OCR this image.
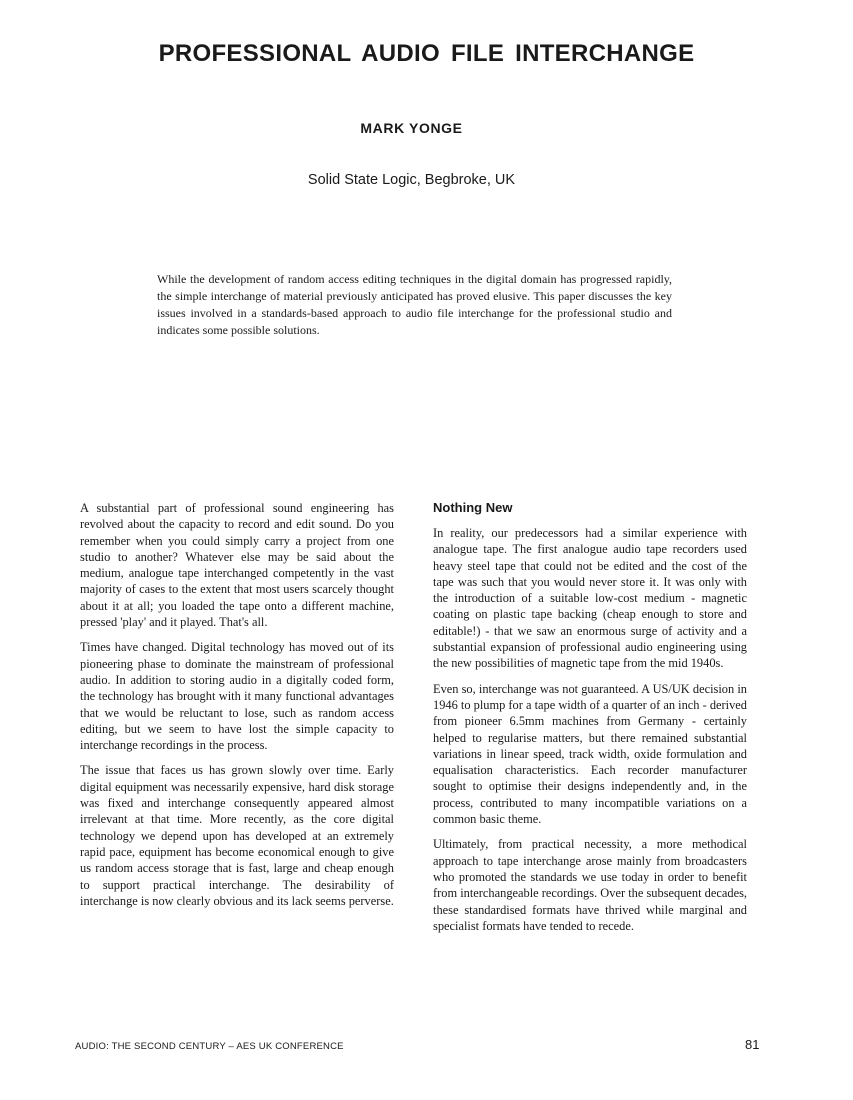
PROFESSIONAL AUDIO FILE INTERCHANGE
MARK YONGE
Solid State Logic, Begbroke, UK

While the development of random access editing techniques in the digital domain has progressed rapidly, the simple interchange of material previously anticipated has proved elusive. This paper discusses the key issues involved in a standards-based approach to audio file interchange for the professional studio and indicates some possible solutions.

A substantial part of professional sound engineering has revolved about the capacity to record and edit sound. Do you remember when you could simply carry a project from one studio to another? Whatever else may be said about the medium, analogue tape interchanged competently in the vast majority of cases to the extent that most users scarcely thought about it at all; you loaded the tape onto a different machine, pressed 'play' and it played. That's all.

Times have changed. Digital technology has moved out of its pioneering phase to dominate the mainstream of professional audio. In addition to storing audio in a digitally coded form, the technology has brought with it many functional advantages that we would be reluctant to lose, such as random access editing, but we seem to have lost the simple capacity to interchange recordings in the process.

The issue that faces us has grown slowly over time. Early digital equipment was necessarily expensive, hard disk storage was fixed and interchange consequently appeared almost irrelevant at that time. More recently, as the core digital technology we depend upon has developed at an extremely rapid pace, equipment has become economical enough to give us random access storage that is fast, large and cheap enough to support practical interchange. The desirability of interchange is now clearly obvious and its lack seems perverse.

Nothing New

In reality, our predecessors had a similar experience with analogue tape. The first analogue audio tape recorders used heavy steel tape that could not be edited and the cost of the tape was such that you would never store it. It was only with the introduction of a suitable low-cost medium - magnetic coating on plastic tape backing (cheap enough to store and editable!) - that we saw an enormous surge of activity and a substantial expansion of professional audio engineering using the new possibilities of magnetic tape from the mid 1940s.

Even so, interchange was not guaranteed. A US/UK decision in 1946 to plump for a tape width of a quarter of an inch - derived from pioneer 6.5mm machines from Germany - certainly helped to regularise matters, but there remained substantial variations in linear speed, track width, oxide formulation and equalisation characteristics. Each recorder manufacturer sought to optimise their designs independently and, in the process, contributed to many incompatible variations on a common basic theme.

Ultimately, from practical necessity, a more methodical approach to tape interchange arose mainly from broadcasters who promoted the standards we use today in order to benefit from interchangeable recordings. Over the subsequent decades, these standardised formats have thrived while marginal and specialist formats have tended to recede.

AUDIO: THE SECOND CENTURY – AES UK CONFERENCE	81
